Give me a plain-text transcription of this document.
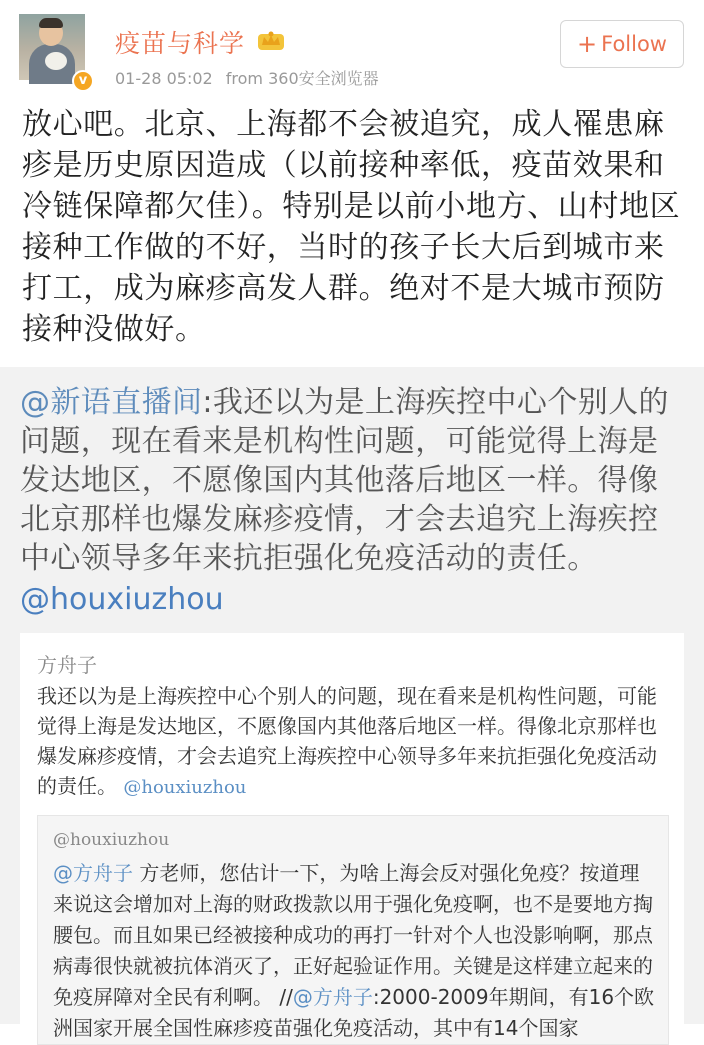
v
疫苗与科学
01-28 05:02 from 360安全浏览器
+ Follow
放心吧。北京、上海都不会被追究，成人罹患麻疹是历史原因造成（以前接种率低，疫苗效果和冷链保障都欠佳）。特别是以前小地方、山村地区接种工作做的不好，当时的孩子长大后到城市来打工，成为麻疹高发人群。绝对不是大城市预防接种没做好。
@新语直播间:我还以为是上海疾控中心个别人的问题，现在看来是机构性问题，可能觉得上海是发达地区，不愿像国内其他落后地区一样。得像北京那样也爆发麻疹疫情，才会去追究上海疾控中心领导多年来抗拒强化免疫活动的责任。
@houxiuzhou
方舟子
我还以为是上海疾控中心个别人的问题，现在看来是机构性问题，可能觉得上海是发达地区，不愿像国内其他落后地区一样。得像北京那样也爆发麻疹疫情，才会去追究上海疾控中心领导多年来抗拒强化免疫活动的责任。 @houxiuzhou
@houxiuzhou
@方舟子 方老师，您估计一下，为啥上海会反对强化免疫？按道理来说这会增加对上海的财政拨款以用于强化免疫啊，也不是要地方掏腰包。而且如果已经被接种成功的再打一针对个人也没影响啊，那点病毒很快就被抗体消灭了，正好起验证作用。关键是这样建立起来的免疫屏障对全民有利啊。 //@方舟子:2000-2009年期间，有16个欧洲国家开展全国性麻疹疫苗强化免疫活动，其中有14个国家
